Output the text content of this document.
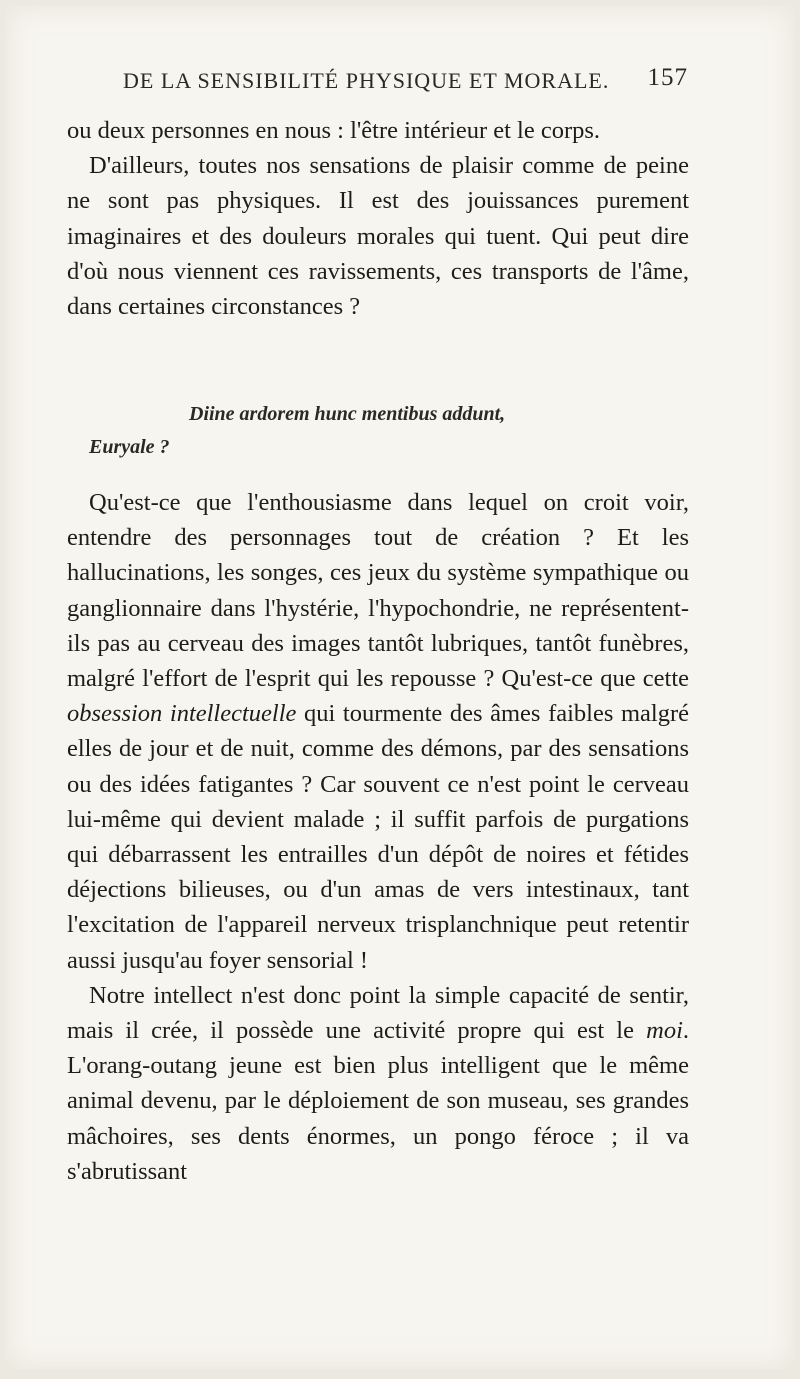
DE LA SENSIBILITÉ PHYSIQUE ET MORALE. 157

ou deux personnes en nous : l'être intérieur et le corps.

D'ailleurs, toutes nos sensations de plaisir comme de peine ne sont pas physiques. Il est des jouissances purement imaginaires et des douleurs morales qui tuent. Qui peut dire d'où nous viennent ces ravissements, ces transports de l'âme, dans certaines circonstances ?

Diine ardorem hunc mentibus addunt,
Euryale ?

Qu'est-ce que l'enthousiasme dans lequel on croit voir, entendre des personnages tout de création ? Et les hallucinations, les songes, ces jeux du système sympathique ou ganglionnaire dans l'hystérie, l'hypochondrie, ne représentent-ils pas au cerveau des images tantôt lubriques, tantôt funèbres, malgré l'effort de l'esprit qui les repousse ? Qu'est-ce que cette obsession intellectuelle qui tourmente des âmes faibles malgré elles de jour et de nuit, comme des démons, par des sensations ou des idées fatigantes ? Car souvent ce n'est point le cerveau lui-même qui devient malade ; il suffit parfois de purgations qui débarrassent les entrailles d'un dépôt de noires et fétides déjections bilieuses, ou d'un amas de vers intestinaux, tant l'excitation de l'appareil nerveux trisplanchnique peut retentir aussi jusqu'au foyer sensorial !

Notre intellect n'est donc point la simple capacité de sentir, mais il crée, il possède une activité propre qui est le moi. L'orang-outang jeune est bien plus intelligent que le même animal devenu, par le déploiement de son museau, ses grandes mâchoires, ses dents énormes, un pongo féroce ; il va s'abrutissant
